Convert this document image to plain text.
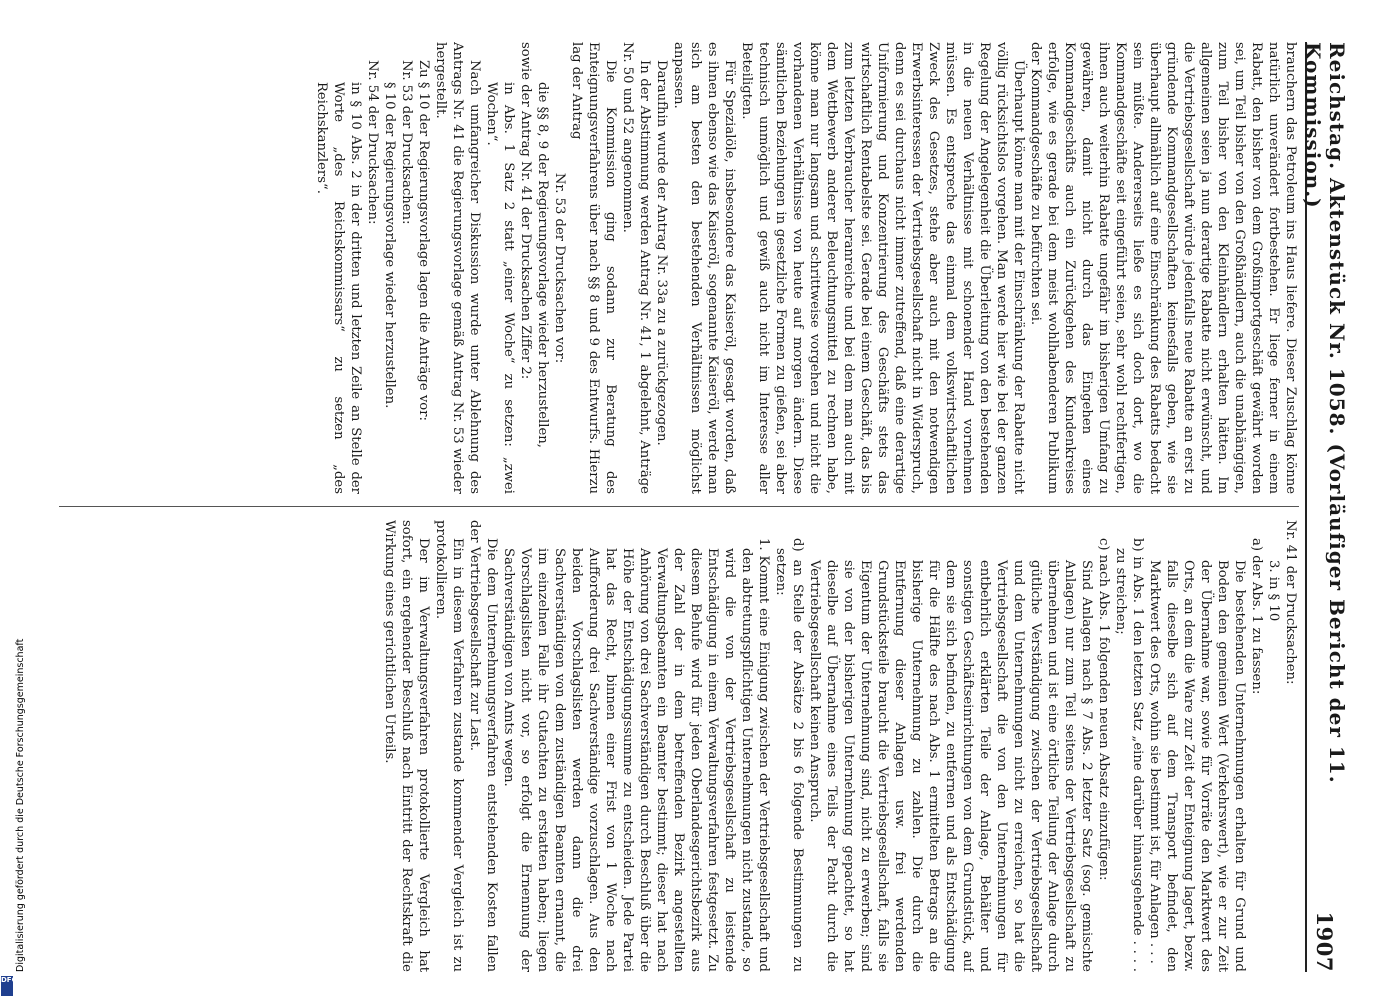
Reichstag. Aktenstück Nr. 1058. (Vorläufiger Bericht der 11. Kommission.)
1907

brauchern das Petroleum ins Haus liefere. Dieser Zuschlag könne natürlich unverändert fortbestehen. Er liege ferner in einem Rabatt, den bisher von dem Großimportgeschäft gewährt worden sei, um Teil bisher von den Großhändlern, auch die unabhängigen, zum Teil bisher von den Kleinhändlern erhalten hätten. Im allgemeinen seien ja nun derartige Rabatte nicht erwünscht, und die Vertriebsgesellschaft würde jedenfalls neue Rabatte an erst zu gründende Kommandgesellschaften keinesfalls geben, wie sie überhaupt allmählich auf eine Einschränkung des Rabatts bedacht sein müßte. Andererseits ließe es sich doch dort, wo die Kommandgeschäfte seit eingeführt seien, sehr wohl rechtfertigen, ihnen auch weiterhin Rabatte ungefähr im bisherigen Umfang zu gewähren, damit nicht durch das Eingehen eines Kommandgeschäfts auch ein Zurückgehen des Kundenkreises erfolge, wie es gerade bei dem meist wohlhabenderen Publikum der Kommandgeschäfte zu befürchten sei.

Überhaupt könne man mit der Einschränkung der Rabatte nicht völlig rücksichtslos vorgehen. Man werde hier wie bei der ganzen Regelung der Angelegenheit die Überleitung von den bestehenden in die neuen Verhältnisse mit schonender Hand vornehmen müssen. Es entspreche das einmal dem volkswirtschaftlichen Zweck des Gesetzes, stehe aber auch mit den notwendigen Erwerbsinteressen der Vertriebsgesellschaft nicht in Widerspruch, denn es sei durchaus nicht immer zutreffend, daß eine derartige Uniformierung und Konzentrierung des Geschäfts stets das wirtschaftlich Rentabelste sei. Gerade bei einem Geschäft, das bis zum letzten Verbraucher heranreiche und bei dem man auch mit dem Wettbewerb anderer Beleuchtungsmittel zu rechnen habe, könne man nur langsam und schrittweise vorgehen und nicht die vorhandenen Verhältnisse von heute auf morgen ändern. Diese sämtlichen Beziehungen in gesetzliche Formen zu gießen, sei aber technisch unmöglich und gewiß auch nicht im Interesse aller Beteiligten.

Für Spezialöle, insbesondere das Kaiseröl, gesagt worden, daß es ihnen ebenso wie das Kaiseröl, sogenannte Kaiseröl, werde man sich am besten den bestehenden Verhältnissen möglichst anpassen.

Daraufhin wurde der Antrag Nr. 33a zu a zurückgezogen.

In der Abstimmung werden Antrag Nr. 41, 1 abgelehnt, Anträge Nr. 50 und 52 angenommen.

Die Kommission ging sodann zur Beratung des Enteignungsverfahrens über nach §§ 8 und 9 des Entwurfs. Hierzu lag der Antrag

Nr. 53 der Drucksachen vor:

die §§ 8, 9 der Regierungsvorlage wieder herzustellen,

sowie der Antrag Nr. 41 der Drucksachen Ziffer 2:

in Abs. 1 Satz 2 statt „einer Woche“ zu setzen: „zwei Wochen“.

Nach umfangreicher Diskussion wurde unter Ablehnung des Antrags Nr. 41 die Regierungsvorlage gemäß Antrag Nr. 53 wieder hergestellt.

Zu § 10 der Regierungsvorlage lagen die Anträge vor:

Nr. 53 der Drucksachen:

§ 10 der Regierungsvorlage wieder herzustellen.

Nr. 54 der Drucksachen:

in § 10 Abs. 2 in der dritten und letzten Zeile an Stelle der Worte „des Reichskommissars“ zu setzen „des Reichskanzlers“.

Nr. 41 der Drucksachen:

3. in § 10

a) der Abs. 1 zu fassen:

Die bestehenden Unternehmungen erhalten für Grund und Boden den gemeinen Wert (Verkehrswert), wie er zur Zeit der Übernahme war, sowie für Vorräte den Marktwert des Orts, an dem die Ware zur Zeit der Enteignung lagert, bezw. falls dieselbe sich auf dem Transport befindet, den Marktwert des Orts, wohin sie bestimmt ist, für Anlagen . . .

b) in Abs. 1 den letzten Satz „eine darüber hinausgehende . . . . zu streichen;

c) nach Abs. 1 folgenden neuen Absatz einzufügen:

Sind Anlagen nach § 7 Abs. 2 letzter Satz (sog. gemischte Anlagen) nur zum Teil seitens der Vertriebsgesellschaft zu übernehmen und ist eine örtliche Teilung der Anlage durch gütliche Verständigung zwischen der Vertriebsgesellschaft und dem Unternehmungen nicht zu erreichen, so hat die Vertriebsgesellschaft die von den Unternehmungen für entbehrlich erklärten Teile der Anlage, Behälter und sonstigen Geschäftseinrichtungen von dem Grundstück, auf dem sie sich befinden, zu entfernen und als Entschädigung für die Hälfte des nach Abs. 1 ermittelten Betrags an die bisherige Unternehmung zu zahlen. Die durch die Entfernung dieser Anlagen usw. frei werdenden Grundstücksteile braucht die Vertriebsgesellschaft, falls sie Eigentum der Unternehmung sind, nicht zu erwerben; sind sie von der bisherigen Unternehmung gepachtet, so hat dieselbe auf Übernahme eines Teils der Pacht durch die Vertriebsgesellschaft keinen Anspruch.

d) an Stelle der Absätze 2 bis 6 folgende Bestimmungen zu setzen:

1. Kommt eine Einigung zwischen der Vertriebsgesellschaft und den abtretungspflichtigen Unternehmungen nicht zustande, so wird die von der Vertriebsgesellschaft zu leistende Entschädigung in einem Verwaltungsverfahren festgesetzt. Zu diesem Behufe wird für jeden Oberlandesgerichtsbezirk aus der Zahl der in dem betreffenden Bezirk angestellten Verwaltungsbeamten ein Beamter bestimmt; dieser hat nach Anhörung von drei Sachverständigen durch Beschluß über die Höhe der Entschädigungssumme zu entscheiden. Jede Partei hat das Recht, binnen einer Frist von 1 Woche nach Aufforderung drei Sachverständige vorzuschlagen. Aus den beiden Vorschlagslisten werden dann die drei Sachverständigen von dem zuständigen Beamten ernannt, die im einzelnen Falle ihr Gutachten zu erstatten haben; liegen Vorschlagslisten nicht vor, so erfolgt die Ernennung der Sachverständigen von Amts wegen.

Die dem Unternehmungsverfahren entstehenden Kosten fallen der Vertriebsgesellschaft zur Last.

Ein in diesem Verfahren zustande kommender Vergleich ist zu protokollieren.

Der im Verwaltungsverfahren protokollierte Vergleich hat sofort, ein ergehender Beschluß nach Eintritt der Rechtskraft die Wirkung eines gerichtlichen Urteils.

Digitalisierung gefördert durch die Deutsche Forschungsgemeinschaft
DFG
